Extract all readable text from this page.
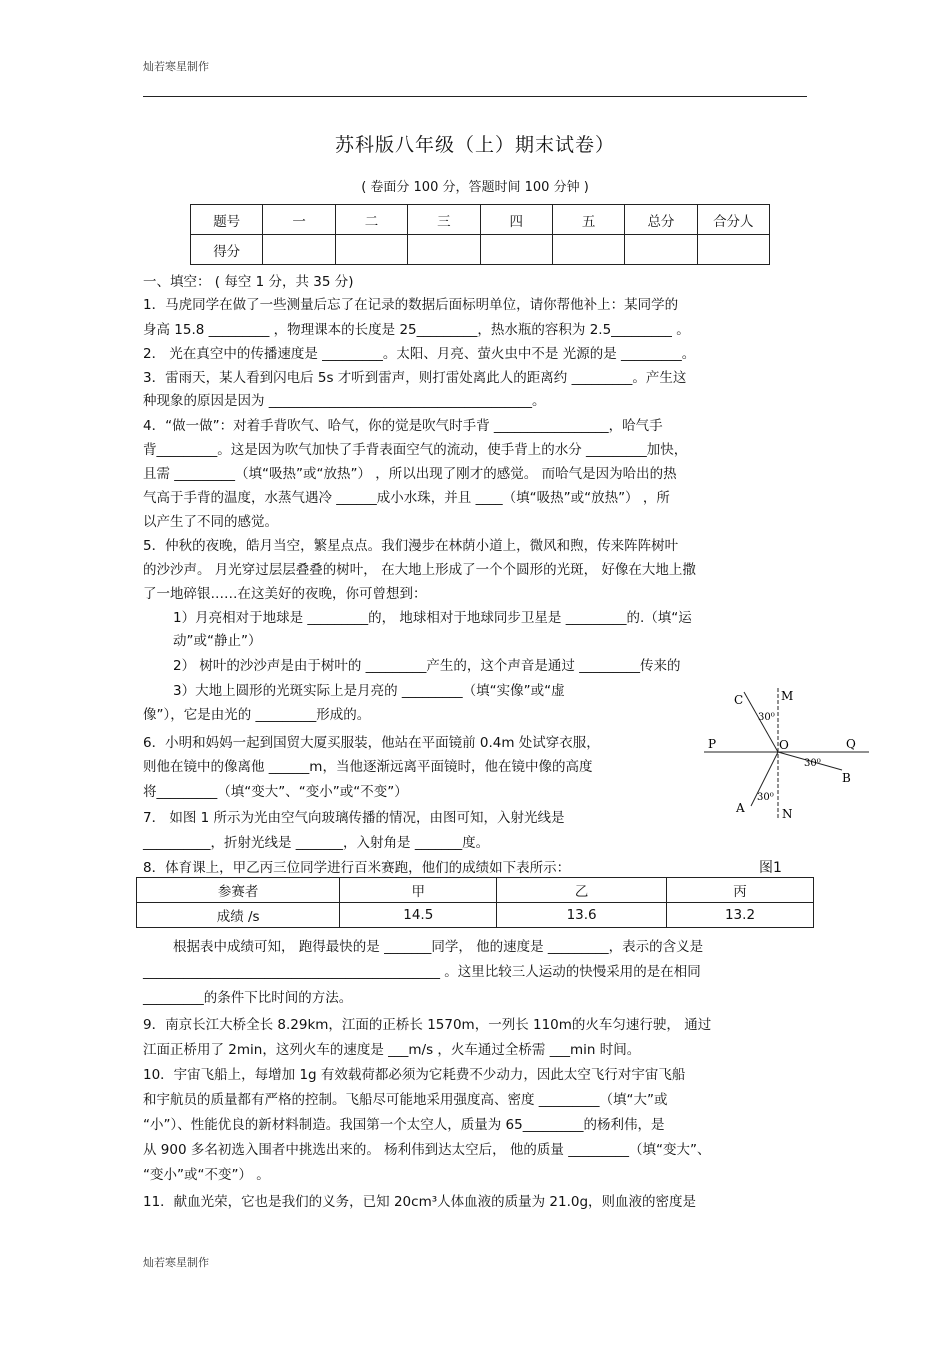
灿若寒星制作
苏科版八年级（上）期末试卷）
( 卷面分 100 分，答题时间 100 分钟 )
题号	一	二	三	四	五	总分	合分人
得分							
一、填空： ( 每空 1 分，共 35 分)
1．马虎同学在做了一些测量后忘了在记录的数据后面标明单位，请你帮他补上：某同学的
身高 15.8 _________ ，物理课本的长度是 25_________，热水瓶的容积为 2.5_________ 。
2． 光在真空中的传播速度是 _________。太阳、月亮、萤火虫中不是 光源的是 _________。
3．雷雨天，某人看到闪电后 5s 才听到雷声，则打雷处离此人的距离约 _________。产生这
种现象的原因是因为 _______________________________________。
4．“做一做”：对着手背吹气、哈气，你的觉是吹气时手背 _________________，哈气手
背_________。这是因为吹气加快了手背表面空气的流动，使手背上的水分 _________加快，
且需 _________（填“吸热”或“放热”） ，所以出现了刚才的感觉。 而哈气是因为哈出的热
气高于手背的温度，水蒸气遇冷 ______成小水珠，并且 ____（填“吸热”或“放热”） ，所
以产生了不同的感觉。
5．仲秋的夜晚，皓月当空，繁星点点。我们漫步在林荫小道上，微风和煦，传来阵阵树叶
的沙沙声。 月光穿过层层叠叠的树叶， 在大地上形成了一个个圆形的光斑， 好像在大地上撒
了一地碎银……在这美好的夜晚，你可曾想到：
1）月亮相对于地球是 _________的， 地球相对于地球同步卫星是 _________的.（填“运
动”或“静止”）
2） 树叶的沙沙声是由于树叶的 _________产生的，这个声音是通过 _________传来的
3）大地上圆形的光斑实际上是月亮的 _________（填“实像”或“虚
像”），它是由光的 _________形成的。
6．小明和妈妈一起到国贸大厦买服装，他站在平面镜前 0.4m 处试穿衣服，
则他在镜中的像离他 ______m，当他逐渐远离平面镜时，他在镜中像的高度
将_________（填“变大”、“变小”或“不变”）
7． 如图 1 所示为光由空气向玻璃传播的情况，由图可知，入射光线是
__________，折射光线是 _______，入射角是 _______度。
8．体育课上，甲乙丙三位同学进行百米赛跑，他们的成绩如下表所示：
根据表中成绩可知， 跑得最快的是 _______同学， 他的速度是 _________，表示的含义是
____________________________________________ 。这里比较三人运动的快慢采用的是在相同
_________的条件下比时间的方法。
9．南京长江大桥全长 8.29km，江面的正桥长 1570m，一列长 110m的火车匀速行驶， 通过
江面正桥用了 2min，这列火车的速度是 ___m/s ，火车通过全桥需 ___min 时间。
10．宇宙飞船上，每增加 1g 有效载荷都必须为它耗费不少动力，因此太空飞行对宇宙飞船
和宇航员的质量都有严格的控制。飞船尽可能地采用强度高、密度 _________（填“大”或
“小”）、性能优良的新材料制造。我国第一个太空人，质量为 65_________的杨利伟，是
从 900 多名初选入围者中挑选出来的。 杨利伟到达太空后， 他的质量 _________（填“变大”、
“变小”或“不变”） 。
11．献血光荣，它也是我们的义务，已知 20cm³人体血液的质量为 21.0g，则血液的密度是
参赛者	甲	乙	丙
成绩 /s	14.5	13.6	13.2
C	M
P	O	Q
B
A	N
30⁰
30⁰
30⁰
图1
灿若寒星制作
